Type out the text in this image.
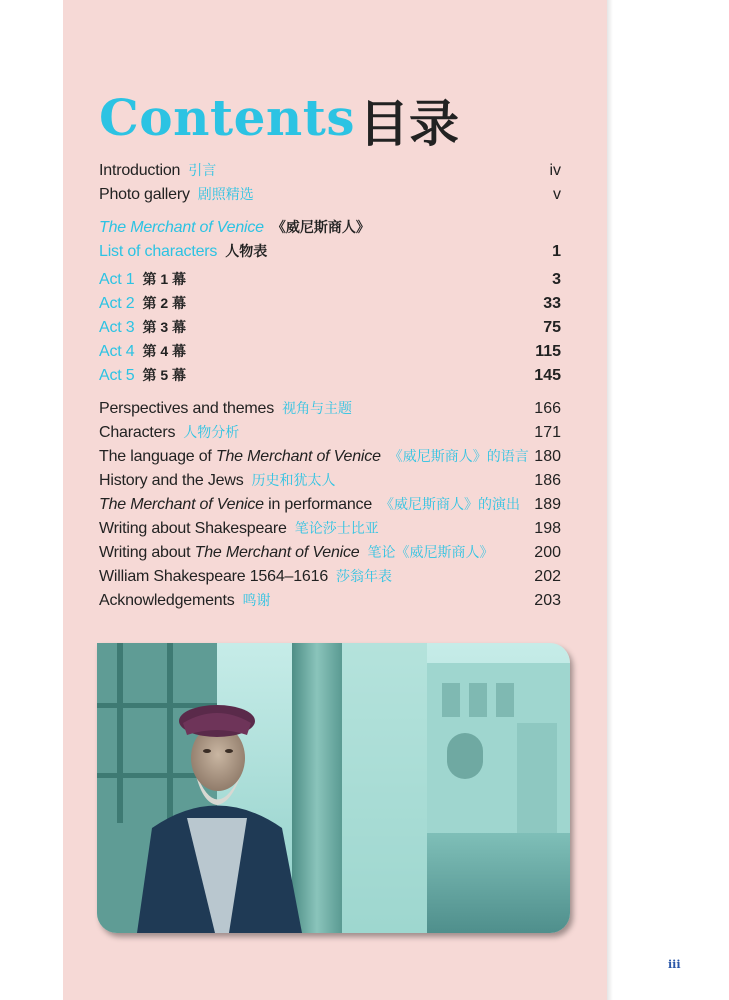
Contents 目录
Introduction 引言	iv
Photo gallery 剧照精选	v
The Merchant of Venice 《威尼斯商人》
List of characters 人物表	1
Act 1 第 1 幕	3
Act 2 第 2 幕	33
Act 3 第 3 幕	75
Act 4 第 4 幕	115
Act 5 第 5 幕	145
Perspectives and themes 视角与主题	166
Characters 人物分析	171
The language of The Merchant of Venice 《威尼斯商人》的语言 180
History and the Jews 历史和犹太人	186
The Merchant of Venice in performance 《威尼斯商人》的演出 189
Writing about Shakespeare 笔论莎士比亚	198
Writing about The Merchant of Venice 笔论《威尼斯商人》	200
William Shakespeare 1564–1616 莎翁年表	202
Acknowledgements 鸣谢	203
iii
